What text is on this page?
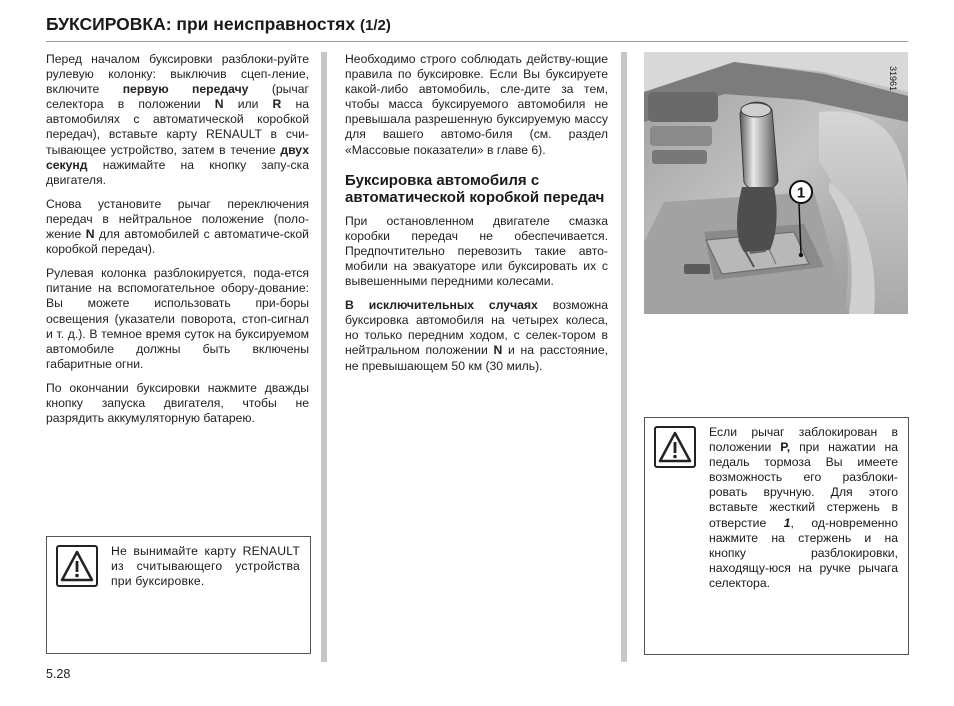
БУКСИРОВКА: при неисправностях (1/2)

Перед началом буксировки разблоки-руйте рулевую колонку: выключив сцеп-ление, включите первую передачу (рычаг селектора в положении N или R на автомобилях с автоматической коробкой передач), вставьте карту RENAULT в счи-тывающее устройство, затем в течение двух секунд нажимайте на кнопку запу-ска двигателя.

Снова установите рычаг переключения передач в нейтральное положение (поло-жение N для автомобилей с автоматиче-ской коробкой передач).

Рулевая колонка разблокируется, пода-ется питание на вспомогательное обору-дование: Вы можете использовать при-боры освещения (указатели поворота, стоп-сигнал и т. д.). В темное время суток на буксируемом автомобиле должны быть включены габаритные огни.

По окончании буксировки нажмите дважды кнопку запуска двигателя, чтобы не разрядить аккумуляторную батарею.

Не вынимайте карту RENAULT из считывающего устройства при буксировке.

Необходимо строго соблюдать действу-ющие правила по буксировке. Если Вы буксируете какой-либо автомобиль, сле-дите за тем, чтобы масса буксируемого автомобиля не превышала разрешенную буксируемую массу для вашего автомо-биля (см. раздел «Массовые показатели» в главе 6).

Буксировка автомобиля с автоматической коробкой передач

При остановленном двигателе смазка коробки передач не обеспечивается. Предпочтительно перевозить такие авто-мобили на эвакуаторе или буксировать их с вывешенными передними колесами.

В исключительных случаях возможна буксировка автомобиля на четырех колеса, но только передним ходом, с селек-тором в нейтральном положении N и на расстояние, не превышающем 50 км (30 миль).

1
31961
Если рычаг заблокирован в положении P, при нажатии на педаль тормоза Вы имеете возможность его разблоки-ровать вручную. Для этого вставьте жесткий стержень в отверстие 1, од-новременно нажмите на стержень и на кнопку разблокировки, находящу-юся на ручке рычага селектора.
5.28
